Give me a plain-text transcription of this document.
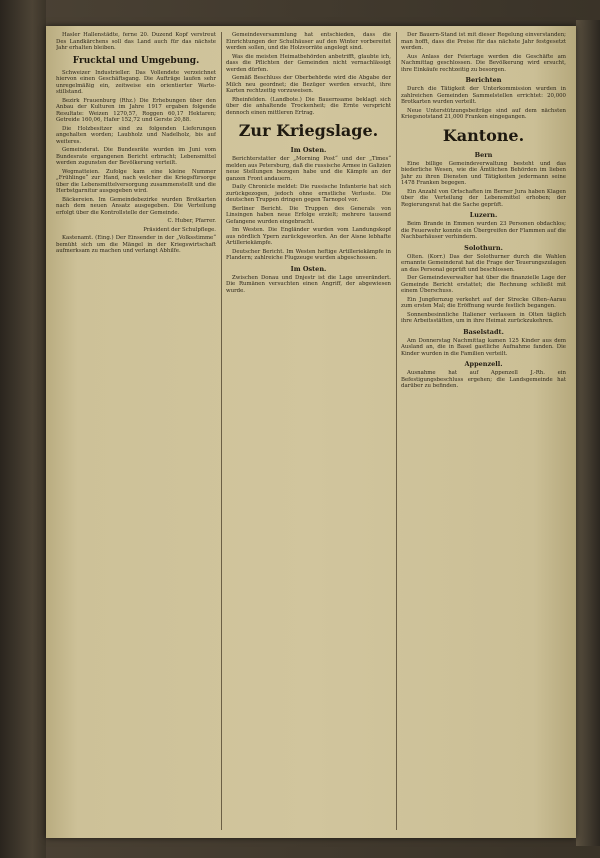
Hasler Hallenstädte, ferne 20. Duzend Kopf verstreut Des Landkärchens soll das Land auch für das nächste Jahr erhalten bleiben.

Frucktal und Umgebung.

Schweizer Industrieller. Das Vollendete verzeichnet hiervon einen Geschäftsgang. Die Aufträge laufen sehr unregelmäßig ein, zeitweise ein orientierter Warte-stillstand.

Bezirk Frauenburg (Rhz.) Die Erhebungen über den Anbau der Kulturen im Jahre 1917 ergaben folgende Resultate: Weizen 1270,57, Roggen 60,17 Hektaren; Getreide 160,06, Hafer 152,72 und Gerste 20,88.

Die Holzbesitzer sind zu folgenden Lieferungen angehalten worden; Laubholz und Nadelholz, bis auf weiteres.

Gemeinderat. Die Bundesräte wurden im Juni vom Bundesrate ergangenen Bericht erbracht; Lebensmittel werden zugunsten der Bevölkerung verteilt.

Wegmatteien. Zufolge kam eine kleine Nummer „Frühlinge“ zur Hand, nach welcher die Kriegsfürsorge über die Lebensmittelversorgung zusammenstellt und die Herbstgarnitur ausgegeben wird.

Bäckereien. Im Gemeindebezirke wurden Brotkarten nach dem neuen Ansatz ausgegeben. Die Verteilung erfolgt über die Kontrollstelle der Gemeinde.

C. Huber, Pfarrer.

Präsident der Schulpflege.

Kastenamt. (Eing.) Der Einsender in der „Volksstimme“ bemüht sich um die Mängel in der Kriegswirtschaft aufmerksam zu machen und verlangt Abhilfe.

Gemeindeversammlung hat entschieden, dass die Einrichtungen der Schulhäuser auf den Winter vorbereitet werden sollen, und die Holzvorräte angelegt sind.

Was die meisten Heimatbehörden anbetrifft, glaubte ich, dass die Pflichten der Gemeinden nicht vernachlässigt werden dürfen.

Gemäß Beschluss der Oberbehörde wird die Abgabe der Milch neu geordnet; die Bezüger werden ersucht, ihre Karten rechtzeitig vorzuweisen.

Rheinfelden. (Landbote.) Die Bauernsame beklagt sich über die anhaltende Trockenheit; die Ernte verspricht dennoch einen mittleren Ertrag.

Zur Kriegslage.
Im Osten.

Berichterstatter der „Morning Post“ und der „Times“ melden aus Petersburg, daß die russische Armee in Galizien neue Stellungen bezogen habe und die Kämpfe an der ganzen Front andauern.

Daily Chronicle meldet: Die russische Infanterie hat sich zurückgezogen, jedoch ohne ernstliche Verluste. Die deutschen Truppen dringen gegen Tarnopol vor.

Berliner Bericht. Die Truppen des Generals von Linsingen haben neue Erfolge erzielt; mehrere tausend Gefangene wurden eingebracht.

Im Westen. Die Engländer wurden vom Landungskopf aus nördlich Ypern zurückgeworfen. An der Aisne lebhafte Artilleriekämpfe.

Deutscher Bericht. Im Westen heftige Artilleriekämpfe in Flandern; zahlreiche Flugzeuge wurden abgeschossen.

Im Osten.

Zwischen Donau und Dnjestr ist die Lage unverändert. Die Rumänen versuchten einen Angriff, der abgewiesen wurde.

Der Bauern-Stand ist mit dieser Regelung einverstanden; man hofft, dass die Preise für das nächste Jahr festgesetzt werden.

Aus Anlass der Feiertage werden die Geschäfte am Nachmittag geschlossen. Die Bevölkerung wird ersucht, ihre Einkäufe rechtzeitig zu besorgen.

Berichten

Durch die Tätigkeit der Unterkommission wurden in zahlreichen Gemeinden Sammelstellen errichtet: 20,000 Brotkarten wurden verteilt.

Neue Unterstützungsbeiträge sind auf dem nächsten Kriegsnotstand 21,000 Franken eingegangen.

Kantone.
Bern

Eine billige Gemeindeverwaltung besteht und das biederliche Wesen, wie die Ämtlichen Behörden im lieben Jahr zu ihren Diensten und Tätigkeiten jedermann seine 1478 Franken begegen.

Ein Anzahl von Ortschaften im Berner Jura haben Klagen über die Verteilung der Lebensmittel erhoben; der Regierungsrat hat die Sache geprüft.

Luzern.

Beim Brande in Emmen wurden 23 Personen obdachlos; die Feuerwehr konnte ein Übergreifen der Flammen auf die Nachbarhäuser verhindern.

Solothurn.

Olten. (Korr.) Das der Solothurner durch die Wahlen ernannte Gemeinderat hat die Frage der Teuerungszulagen an das Personal geprüft und beschlossen.

Der Gemeindeverwalter hat über die finanzielle Lage der Gemeinde Bericht erstattet; die Rechnung schließt mit einem Überschuss.

Ein Jungfernzug verkehrt auf der Strecke Olten–Aarau zum ersten Mal; die Eröffnung wurde festlich begangen.

Sonnenbesinnliche Italiener verlassen in Olten täglich ihre Arbeitsstätten, um in ihre Heimat zurückzukehren.

Baselstadt.

Am Donnerstag Nachmittag kamen 125 Kinder aus dem Ausland an, die in Basel gastliche Aufnahme fanden. Die Kinder wurden in die Familien verteilt.

Appenzell.

Ausnahme hat auf Appenzell J.-Rh. ein Befestigungsbeschluss ergehen; die Landsgemeinde hat darüber zu befinden.
